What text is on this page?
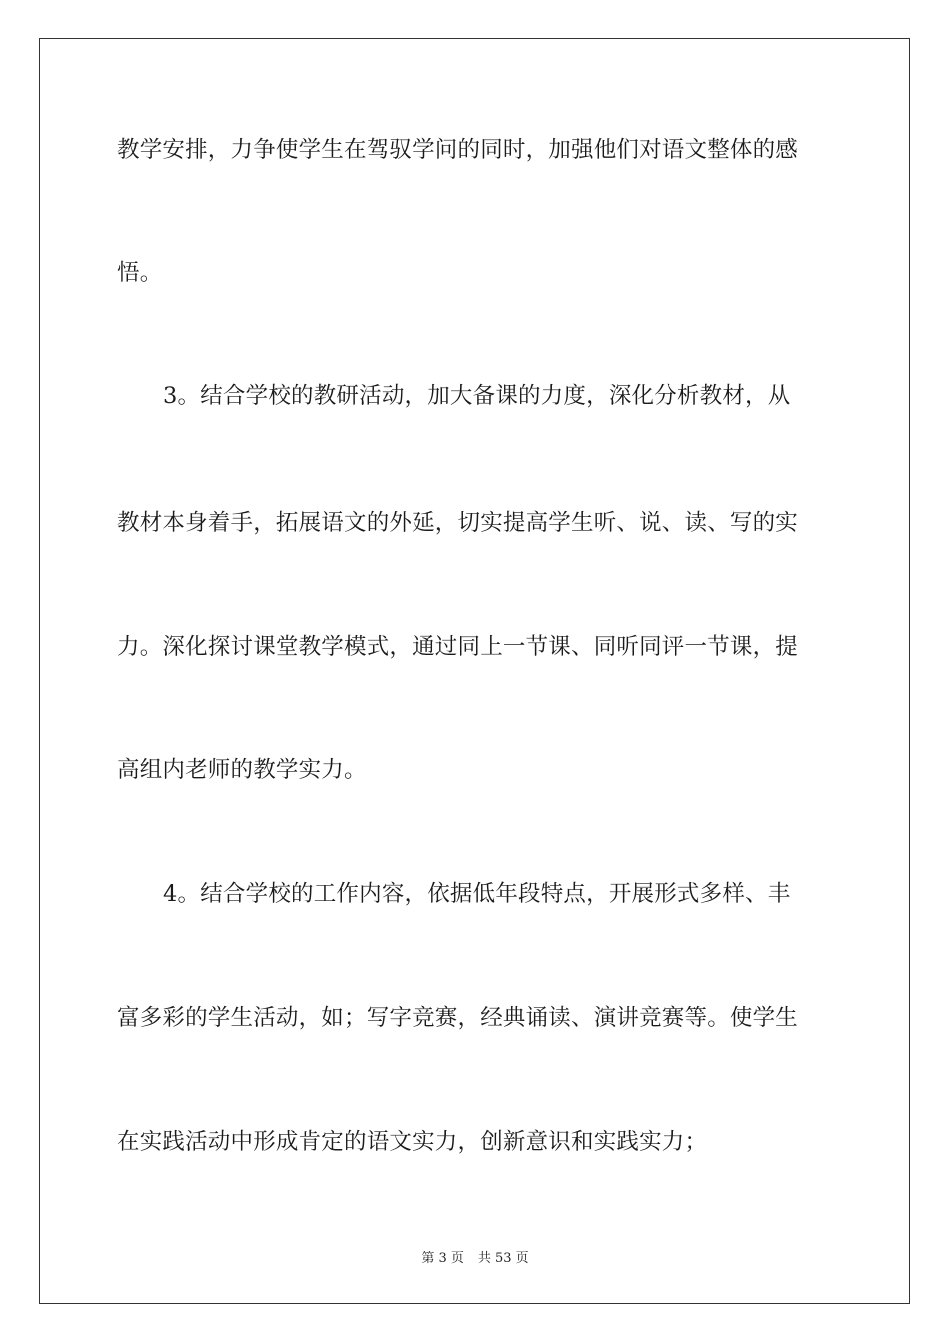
教学安排，力争使学生在驾驭学问的同时，加强他们对语文整体的感
悟。
3。结合学校的教研活动，加大备课的力度，深化分析教材，从
教材本身着手，拓展语文的外延，切实提高学生听、说、读、写的实
力。深化探讨课堂教学模式，通过同上一节课、同听同评一节课，提
高组内老师的教学实力。
4。结合学校的工作内容，依据低年段特点，开展形式多样、丰
富多彩的学生活动，如；写字竞赛，经典诵读、演讲竞赛等。使学生
在实践活动中形成肯定的语文实力，创新意识和实践实力；
第 3 页 共 53 页
